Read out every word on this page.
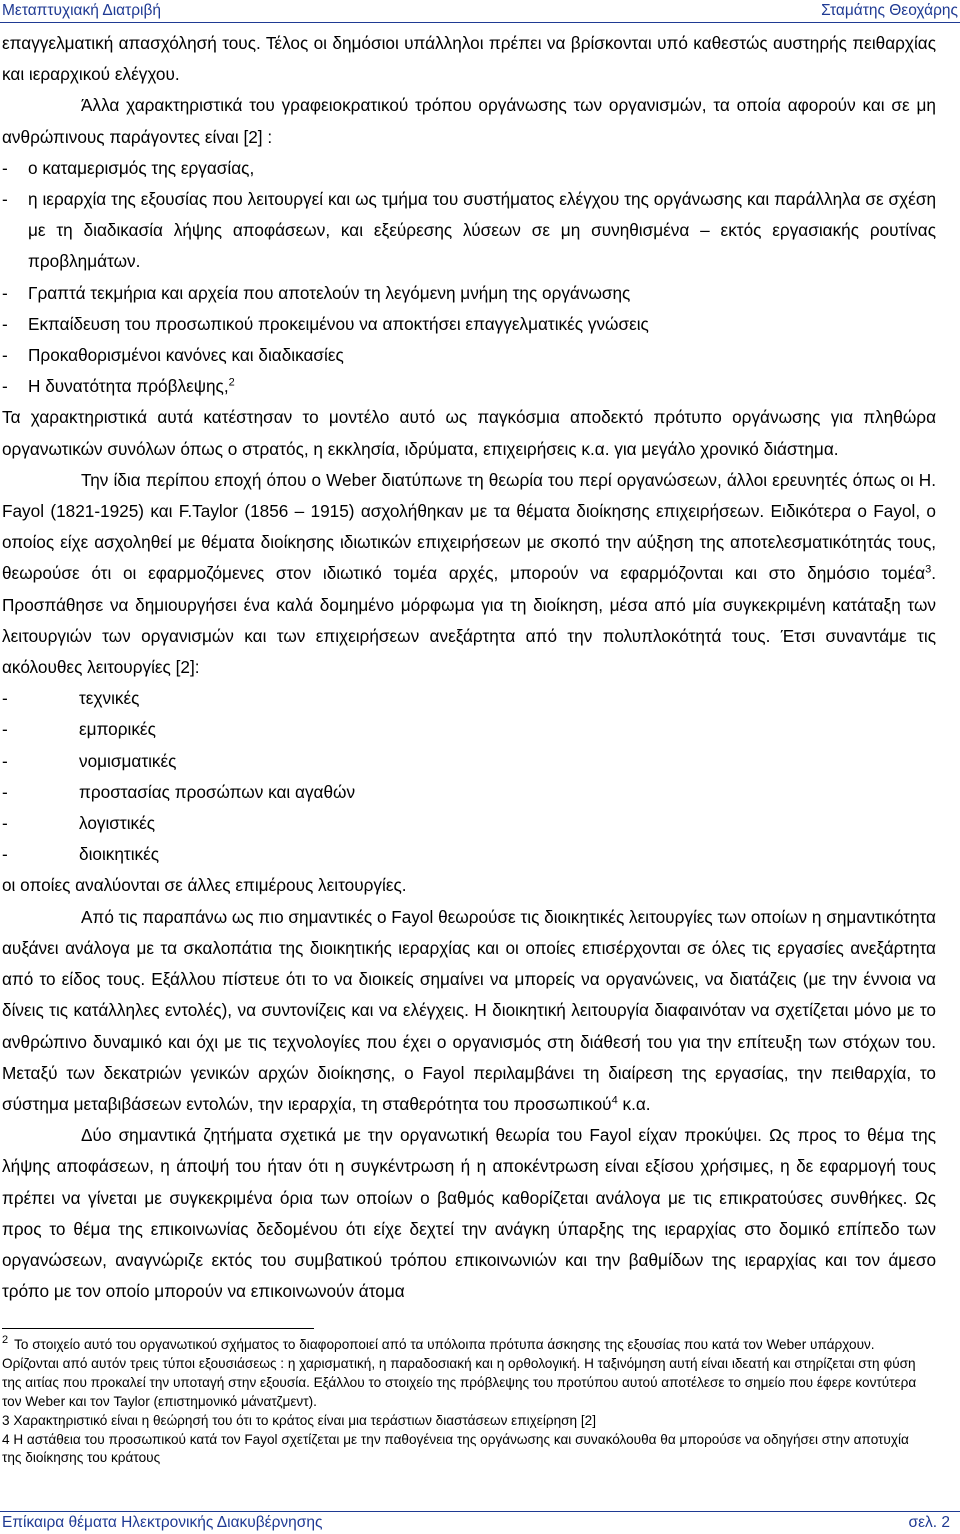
Μεταπτυχιακή Διατριβή	Σταμάτης Θεοχάρης

επαγγελματική απασχόλησή τους. Τέλος οι δημόσιοι υπάλληλοι πρέπει να βρίσκονται υπό καθεστώς αυστηρής πειθαρχίας και ιεραρχικού ελέγχου.

Άλλα χαρακτηριστικά του γραφειοκρατικού τρόπου οργάνωσης των οργανισμών, τα οποία αφορούν και σε μη ανθρώπινους παράγοντες είναι [2] :

-	ο καταμερισμός της εργασίας,
-	η ιεραρχία της εξουσίας που λειτουργεί και ως τμήμα του συστήματος ελέγχου της οργάνωσης και παράλληλα σε σχέση με τη διαδικασία λήψης αποφάσεων, και εξεύρεσης λύσεων σε μη συνηθισμένα – εκτός εργασιακής ρουτίνας προβλημάτων.
-	Γραπτά τεκμήρια και αρχεία που αποτελούν τη λεγόμενη μνήμη της οργάνωσης
-	Εκπαίδευση του προσωπικού προκειμένου να αποκτήσει επαγγελματικές γνώσεις
-	Προκαθορισμένοι κανόνες και διαδικασίες
-	Η δυνατότητα πρόβλεψης,$^2$

Τα χαρακτηριστικά αυτά κατέστησαν το μοντέλο αυτό ως παγκόσμια αποδεκτό πρότυπο οργάνωσης για πληθώρα οργανωτικών συνόλων όπως ο στρατός, η εκκλησία, ιδρύματα, επιχειρήσεις κ.α. για μεγάλο χρονικό διάστημα.

Την ίδια περίπου εποχή όπου ο Weber διατύπωνε τη θεωρία του περί οργανώσεων, άλλοι ερευνητές όπως οι H. Fayol (1821-1925) και F.Taylor (1856 – 1915) ασχολήθηκαν με τα θέματα διοίκησης επιχειρήσεων. Ειδικότερα ο Fayol, ο οποίος είχε ασχοληθεί με θέματα διοίκησης ιδιωτικών επιχειρήσεων με σκοπό την αύξηση της αποτελεσματικότητάς τους, θεωρούσε ότι οι εφαρμοζόμενες στον ιδιωτικό τομέα αρχές, μπορούν να εφαρμόζονται και στο δημόσιο τομέα$^3$. Προσπάθησε να δημιουργήσει ένα καλά δομημένο μόρφωμα για τη διοίκηση, μέσα από μία συγκεκριμένη κατάταξη των λειτουργιών των οργανισμών και των επιχειρήσεων ανεξάρτητα από την πολυπλοκότητά τους. Έτσι συναντάμε τις ακόλουθες λειτουργίες [2]:

-	τεχνικές
-	εμπορικές
-	νομισματικές
-	προστασίας προσώπων και αγαθών
-	λογιστικές
-	διοικητικές

οι οποίες αναλύονται σε άλλες επιμέρους λειτουργίες.

Από τις παραπάνω ως πιο σημαντικές ο Fayol θεωρούσε τις διοικητικές λειτουργίες των οποίων η σημαντικότητα αυξάνει ανάλογα με τα σκαλοπάτια της διοικητικής ιεραρχίας και οι οποίες επισέρχονται σε όλες τις εργασίες ανεξάρτητα από το είδος τους. Εξάλλου πίστευε ότι το να διοικείς σημαίνει να μπορείς να οργανώνεις, να διατάζεις (με την έννοια να δίνεις τις κατάλληλες εντολές), να συντονίζεις και να ελέγχεις. Η διοικητική λειτουργία διαφαινόταν να σχετίζεται μόνο με το ανθρώπινο δυναμικό και όχι με τις τεχνολογίες που έχει ο οργανισμός στη διάθεσή του για την επίτευξη των στόχων του. Μεταξύ των δεκατριών γενικών αρχών διοίκησης, ο Fayol περιλαμβάνει τη διαίρεση της εργασίας, την πειθαρχία, το σύστημα μεταβιβάσεων εντολών, την ιεραρχία, τη σταθερότητα του προσωπικού$^4$ κ.α.

Δύο σημαντικά ζητήματα σχετικά με την οργανωτική θεωρία του Fayol είχαν προκύψει. Ως προς το θέμα της λήψης αποφάσεων, η άποψή του ήταν ότι η συγκέντρωση ή η αποκέντρωση είναι εξίσου χρήσιμες, η δε εφαρμογή τους πρέπει να γίνεται με συγκεκριμένα όρια των οποίων ο βαθμός καθορίζεται ανάλογα με τις επικρατούσες συνθήκες. Ως προς το θέμα της επικοινωνίας δεδομένου ότι είχε δεχτεί την ανάγκη ύπαρξης της ιεραρχίας στο δομικό επίπεδο των οργανώσεων, αναγνώριζε εκτός του συμβατικού τρόπου επικοινωνιών και την βαθμίδων της ιεραρχίας και τον άμεσο τρόπο με τον οποίο μπορούν να επικοινωνούν άτομα

$^2$ Το στοιχείο αυτό του οργανωτικού σχήματος το διαφοροποιεί από τα υπόλοιπα πρότυπα άσκησης της εξουσίας που κατά τον Weber υπάρχουν. Ορίζονται από αυτόν τρεις τύποι εξουσιάσεως : η χαρισματική, η παραδοσιακή και η ορθολογική. Η ταξινόμηση αυτή είναι ιδεατή και στηρίζεται στη φύση της αιτίας που προκαλεί την υποταγή στην εξουσία. Εξάλλου το στοιχείο της πρόβλεψης του προτύπου αυτού αποτέλεσε το σημείο που έφερε κοντύτερα τον Weber και τον Taylor (επιστημονικό μάνατζμεντ).

3 Χαρακτηριστικό είναι η θεώρησή του ότι το κράτος είναι μια τεράστιων διαστάσεων επιχείρηση [2]

4 Η αστάθεια του προσωπικού κατά τον Fayol σχετίζεται με την παθογένεια της οργάνωσης και συνακόλουθα θα μπορούσε να οδηγήσει στην αποτυχία της διοίκησης του κράτους

Επίκαιρα θέματα Ηλεκτρονικής Διακυβέρνησης	σελ. 2
